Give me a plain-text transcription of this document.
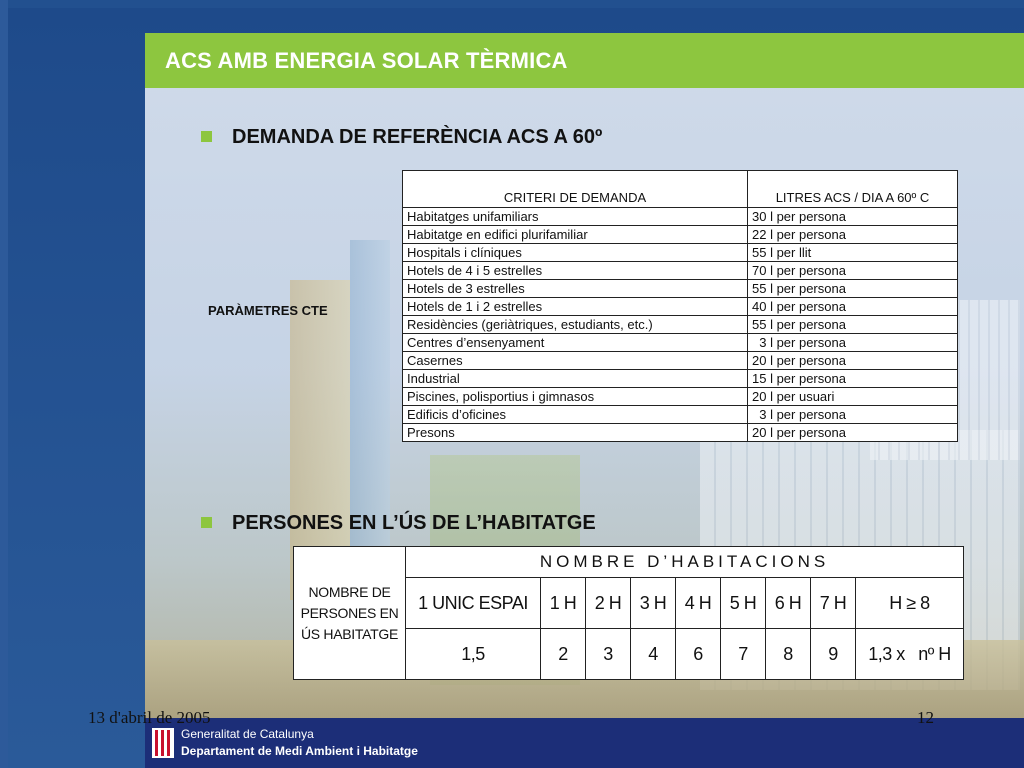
ACS AMB ENERGIA SOLAR TÈRMICA
DEMANDA DE REFERÈNCIA ACS A 60º
PARÀMETRES CTE
CRITERI DE DEMANDA	LITRES ACS / DIA A 60º C
Habitatges unifamiliars	30 l per persona
Habitatge en edifici plurifamiliar	22 l per persona
Hospitals i clíniques	55 l per llit
Hotels de 4 i 5 estrelles	70 l per persona
Hotels de 3 estrelles	55 l per persona
Hotels de 1 i 2 estrelles	40 l per persona
Residències (geriàtriques, estudiants, etc.)	55 l per persona
Centres d’ensenyament	3 l per persona
Casernes	20 l per persona
Industrial	15 l per persona
Piscines, polisportius i gimnasos	20 l per usuari
Edificis d’oficines	3 l per persona
Presons	20 l per persona
PERSONES EN L’ÚS DE L’HABITATGE
NOMBRE DE PERSONES EN ÚS HABITATGE	NOMBRE D’HABITACIONS								
	1 UNIC ESPAI	1 H	2 H	3 H	4 H	5 H	6 H	7 H	H ≥ 8
	1,5	2	3	4	6	7	8	9	1,3 x   nº H
Generalitat de Catalunya
Departament de Medi Ambient i Habitatge
13 d'abril de 2005	12
